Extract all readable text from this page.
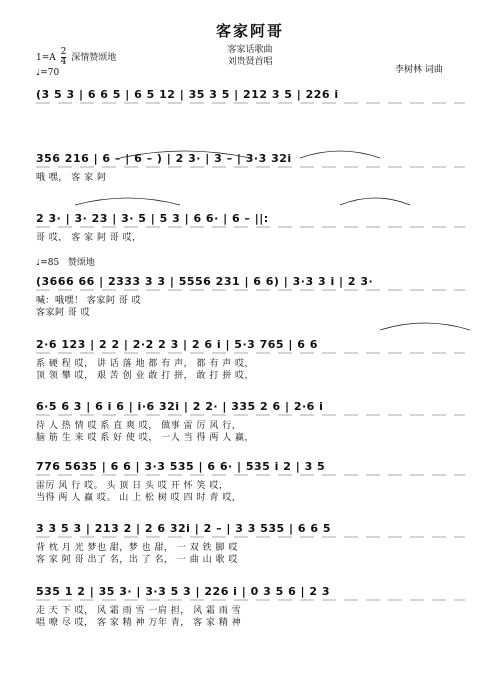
客家阿哥
客家话歌曲
刘贵贤首唱
李树林 词曲
$1=A \frac{2}{4}$ 深情赞颂地
♩=70
♩=85 赞颂地
(3 5 3 | 6 6 5 | 6 5 12 | 35 3 5 | 212 3 5 | 226 i
356 216 | 6 – | 6 – ) | 2 3· | 3 – | 3·3 32i
哦 嘿， 客 家 阿
2 3· | 3· 23 | 3· 5 | 5 3 | 6 6· | 6 – ||:
哥 哎， 客 家 阿 哥 哎，
(3666 66 | 2333 3 3 | 5556 231 | 6 6) | 3·3 3 i | 2 3·
喊：哦嘿！ 客家阿 哥 哎
客家阿 哥 哎
2·6 123 | 2 2 | 2·2 2 3 | 2 6 i | 5·3 765 | 6 6
系 硬 程 哎， 讲 话 落 地 都 有 声， 都 有 声 哎，
顶 领 攀 哎， 艰 苦 创 业 敢 打 拼， 敢 打 拼 哎，
6·5 6 3 | 6 i 6 | i·6 32i | 2 2· | 335 2 6 | 2·6 i
待 人 热 情 哎 系 直 爽 哎， 做事 雷 厉 风 行，
脑 筋 生 来 哎 系 好 使 哎， 一人 当 得 两 人 赢，
776 5635 | 6 6 | 3·3 535 | 6 6· | 535 i 2 | 3 5
雷厉 风 行 哎。 头 顶 日 头 哎 开 怀 笑 哎，
当得 两 人 赢 哎。 山 上 松 树 哎 四 时 青 哎，
3 3 5 3 | 213 2 | 2 6 32i | 2 – | 3 3 535 | 6 6 5
背 枕 月 光 梦也 甜，梦 也 甜， 一 双 铁 脚 哎
客 家 阿 哥 出了 名，出 了 名， 一 曲 山 歌 哎
535 1 2 | 35 3· | 3·3 5 3 | 226 i | 0 3 5 6 | 2 3
走 天 下 哎， 风 霜 雨 雪 一肩 担， 风 霜 雨 雪
唱 嘹 尽 哎， 客 家 精 神 万年 青， 客 家 精 神
